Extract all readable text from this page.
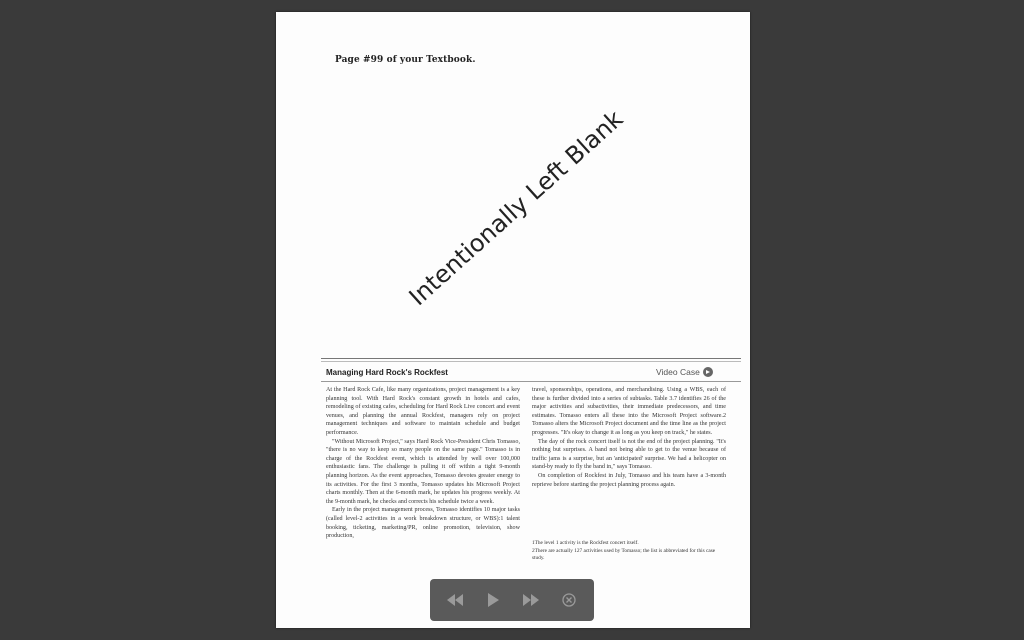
Page #99 of your Textbook.
Intentionally Left Blank
Managing Hard Rock's Rockfest	Video Case

At the Hard Rock Cafe, like many organizations, project management is a key planning tool. With Hard Rock's constant growth in hotels and cafes, remodeling of existing cafes, scheduling for Hard Rock Live concert and event venues, and planning the annual Rockfest, managers rely on project management techniques and software to maintain schedule and budget performance.

"Without Microsoft Project," says Hard Rock Vice-President Chris Tomasso, "there is no way to keep so many people on the same page." Tomasso is in charge of the Rockfest event, which is attended by well over 100,000 enthusiastic fans. The challenge is pulling it off within a tight 9-month planning horizon. As the event approaches, Tomasso devotes greater energy to its activities. For the first 3 months, Tomasso updates his Microsoft Project charts monthly. Then at the 6-month mark, he updates his progress weekly. At the 9-month mark, he checks and corrects his schedule twice a week.

Early in the project management process, Tomasso identifies 10 major tasks (called level-2 activities in a work breakdown structure, or WBS):1 talent booking, ticketing, marketing/PR, online promotion, television, show production,

travel, sponsorships, operations, and merchandising. Using a WBS, each of these is further divided into a series of subtasks. Table 3.7 identifies 26 of the major activities and subactivities, their immediate predecessors, and time estimates. Tomasso enters all these into the Microsoft Project software.2 Tomasso alters the Microsoft Project document and the time line as the project progresses. "It's okay to change it as long as you keep on track," he states.

The day of the rock concert itself is not the end of the project planning. "It's nothing but surprises. A band not being able to get to the venue because of traffic jams is a surprise, but an 'anticipated' surprise. We had a helicopter on stand-by ready to fly the band in," says Tomasso.

On completion of Rockfest in July, Tomasso and his team have a 3-month reprieve before starting the project planning process again.

1The level 1 activity is the Rockfest concert itself.

2There are actually 127 activities used by Tomasso; the list is abbreviated for this case study.
